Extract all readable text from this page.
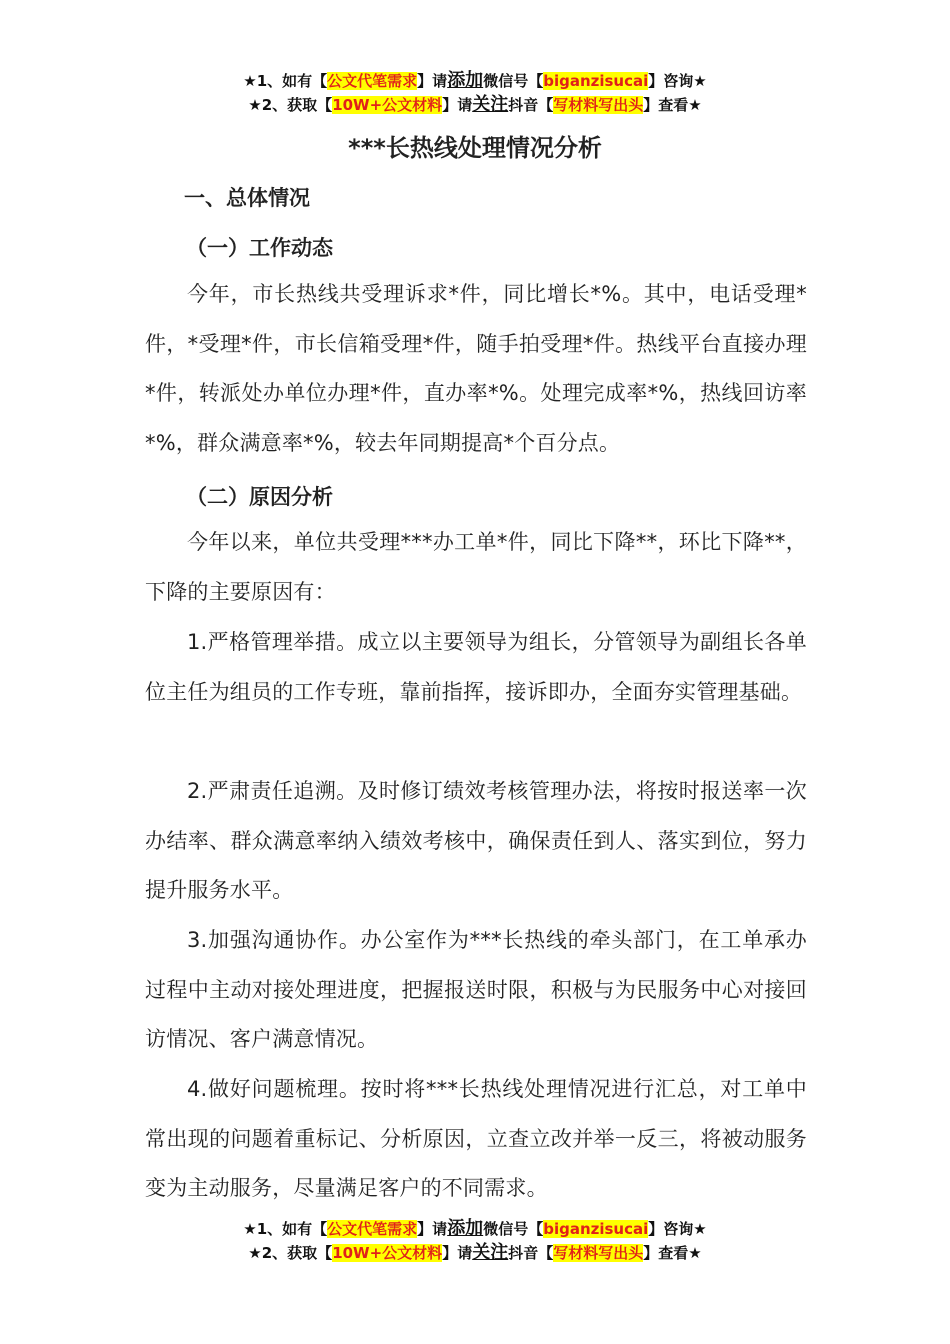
★1、如有【公文代笔需求】请添加微信号【biganzisucai】咨询★
★2、获取【10W+公文材料】请关注抖音【写材料写出头】查看★
***长热线处理情况分析
一、总体情况
（一）工作动态
今年，市长热线共受理诉求*件，同比增长*%。其中，电话受理*件，*受理*件，市长信箱受理*件，随手拍受理*件。热线平台直接办理*件，转派处办单位办理*件，直办率*%。处理完成率*%，热线回访率*%，群众满意率*%，较去年同期提高*个百分点。
（二）原因分析
今年以来，单位共受理***办工单*件，同比下降**，环比下降**，下降的主要原因有：
1.严格管理举措。成立以主要领导为组长，分管领导为副组长各单位主任为组员的工作专班，靠前指挥，接诉即办，全面夯实管理基础。
2.严肃责任追溯。及时修订绩效考核管理办法，将按时报送率一次办结率、群众满意率纳入绩效考核中，确保责任到人、落实到位，努力提升服务水平。
3.加强沟通协作。办公室作为***长热线的牵头部门，在工单承办过程中主动对接处理进度，把握报送时限，积极与为民服务中心对接回访情况、客户满意情况。
4.做好问题梳理。按时将***长热线处理情况进行汇总，对工单中常出现的问题着重标记、分析原因，立查立改并举一反三，将被动服务变为主动服务，尽量满足客户的不同需求。
★1、如有【公文代笔需求】请添加微信号【biganzisucai】咨询★
★2、获取【10W+公文材料】请关注抖音【写材料写出头】查看★
